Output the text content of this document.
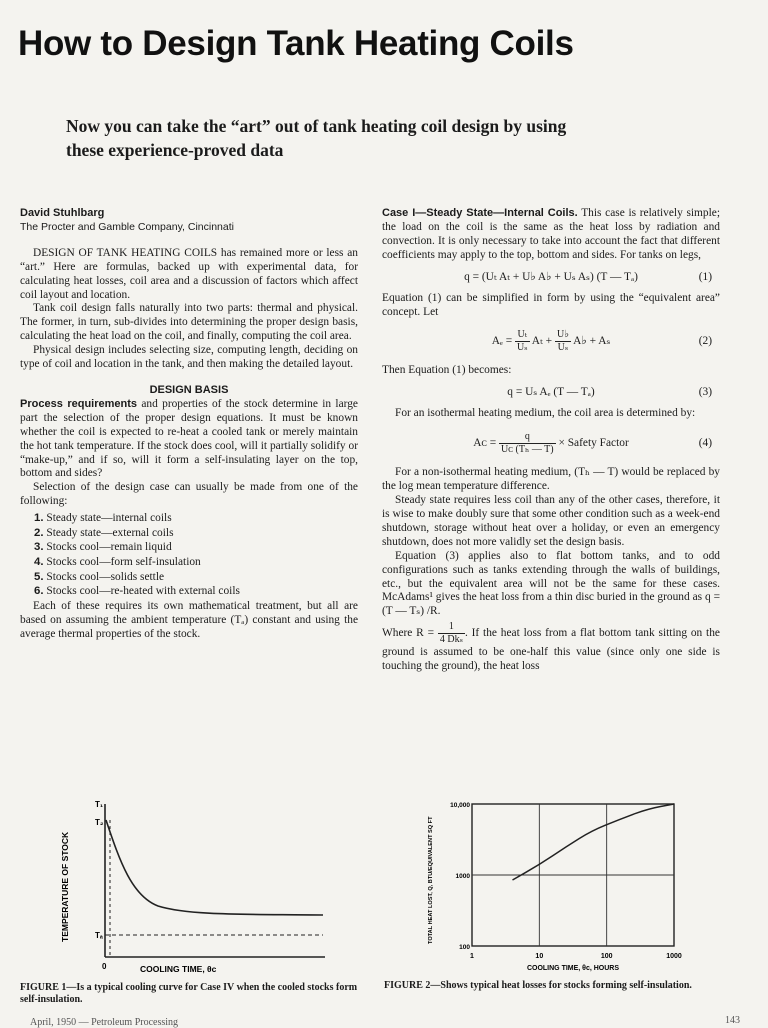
How to Design Tank Heating Coils
Now you can take the “art” out of tank heating coil design by using these experience-proved data

David Stuhlbarg

The Procter and Gamble Company, Cincinnati

DESIGN OF TANK HEATING COILS has remained more or less an “art.” Here are formulas, backed up with experimental data, for calculating heat losses, coil area and a discussion of factors which affect coil layout and location.

Tank coil design falls naturally into two parts: thermal and physical. The former, in turn, sub-divides into determining the proper design basis, calculating the heat load on the coil, and finally, computing the coil area.

Physical design includes selecting size, computing length, deciding on type of coil and location in the tank, and then making the detailed layout.

DESIGN BASIS

Process requirements and properties of the stock determine in large part the selection of the proper design equations. It must be known whether the coil is expected to re-heat a cooled tank or merely maintain the hot tank temperature. If the stock does cool, will it partially solidify or “make-up,” and if so, will it form a self-insulating layer on the top, bottom and sides?

Selection of the design case can usually be made from one of the following:

1. Steady state—internal coils
2. Steady state—external coils
3. Stocks cool—remain liquid
4. Stocks cool—form self-insulation
5. Stocks cool—solids settle
6. Stocks cool—re-heated with external coils

Each of these requires its own mathematical treatment, but all are based on assuming the ambient temperature (Tₐ) constant and using the average thermal properties of the stock.

Case I—Steady State—Internal Coils. This case is relatively simple; the load on the coil is the same as the heat loss by radiation and convection. It is only necessary to take into account the fact that different coefficients may apply to the top, bottom and sides. For tanks on legs,

q = (Uₜ Aₜ + U♭ A♭ + Uₛ Aₛ) (T — Tₐ)	(1)

Equation (1) can be simplified in form by using the “equivalent area” concept. Let

$A_e = \frac{\text{Uₜ}}{\text{Uₛ}}$ $A_t + \frac{U♭}{\text{Uₛ}}$ A♭ + Aₛ	(2)

Then Equation (1) becomes:

q = Uₛ Aₑ (T — Tₐ)	(3)

For an isothermal heating medium, the coil area is determined by:

Aᴄ = $\frac{q}{\text{Uᴄ (Tₕ — T)}}$ × Safety Factor	(4)

For a non-isothermal heating medium, (Tₕ — T) would be replaced by the log mean temperature difference.

Steady state requires less coil than any of the other cases, therefore, it is wise to make doubly sure that some other condition such as a week-end shutdown, storage without heat over a holiday, or even an emergency shutdown, does not more validly set the design basis.

Equation (3) applies also to flat bottom tanks, and to odd configurations such as tanks extending through the walls of buildings, etc., but the equivalent area will not be the same for these cases. McAdams¹ gives the heat loss from a thin disc buried in the ground as q = (T — Tₛ) /R.

Where $R = \frac{1}{\text{4 Dkₛ}}$ . If the heat loss from a flat bottom tank sitting on the ground is assumed to be one-half this value (since only one side is touching the ground), the heat loss

T₁
T₂
Tₐ
0	COOLING TIME, θc
TEMPERATURE OF STOCK
1	10	100	1000
100
1000
10,000
COOLING TIME, θc, HOURS
TOTAL HEAT LOST, Q, BTU/EQUIVALENT SQ FT
FIGURE 1—Is a typical cooling curve for Case IV when the cooled stocks form self-insulation.
FIGURE 2—Shows typical heat losses for stocks forming self-insulation.
April, 1950 — Petroleum Processing	143
